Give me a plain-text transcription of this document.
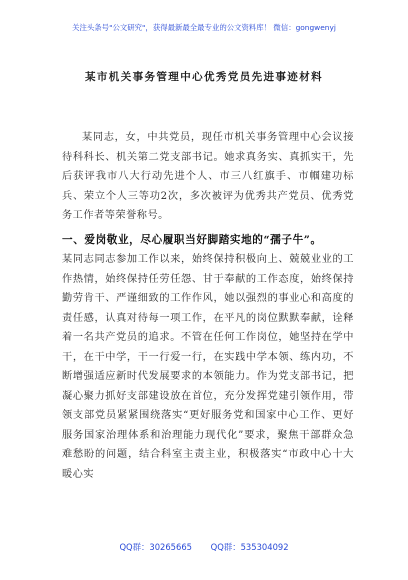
关注头条号"公文研究"，获得最新最全最专业的公文资料库！ 微信：gongwenyj
某市机关事务管理中心优秀党员先进事迹材料

某同志，女，中共党员，现任市机关事务管理中心会议接待科科长、机关第二党支部书记。她求真务实、真抓实干，先后获评我市八大行动先进个人、市三八红旗手、市帼建功标兵、荣立个人三等功2次，多次被评为优秀共产党员、优秀党务工作者等荣誉称号。

一、爱岗敬业，尽心履职当好脚踏实地的“孺子牛”。

某同志同志参加工作以来，始终保持积极向上、兢兢业业的工作热情，始终保持任劳任怨、甘于奉献的工作态度，始终保持勤劳肯干、严谨细致的工作作风，她以强烈的事业心和高度的责任感，认真对待每一项工作，在平凡的岗位默默奉献，诠释着一名共产党员的追求。不管在任何工作岗位，她坚持在学中干，在干中学，干一行爱一行，在实践中学本领、练内功，不断增强适应新时代发展要求的本领能力。作为党支部书记，把凝心聚力抓好支部建设放在首位，充分发挥党建引领作用，带领支部党员紧紧围绕落实“更好服务党和国家中心工作、更好服务国家治理体系和治理能力现代化”要求，聚焦干部群众急难愁盼的问题，结合科室主责主业，积极落实“市政中心十大暖心实

QQ群：30265665 QQ群：535304092
